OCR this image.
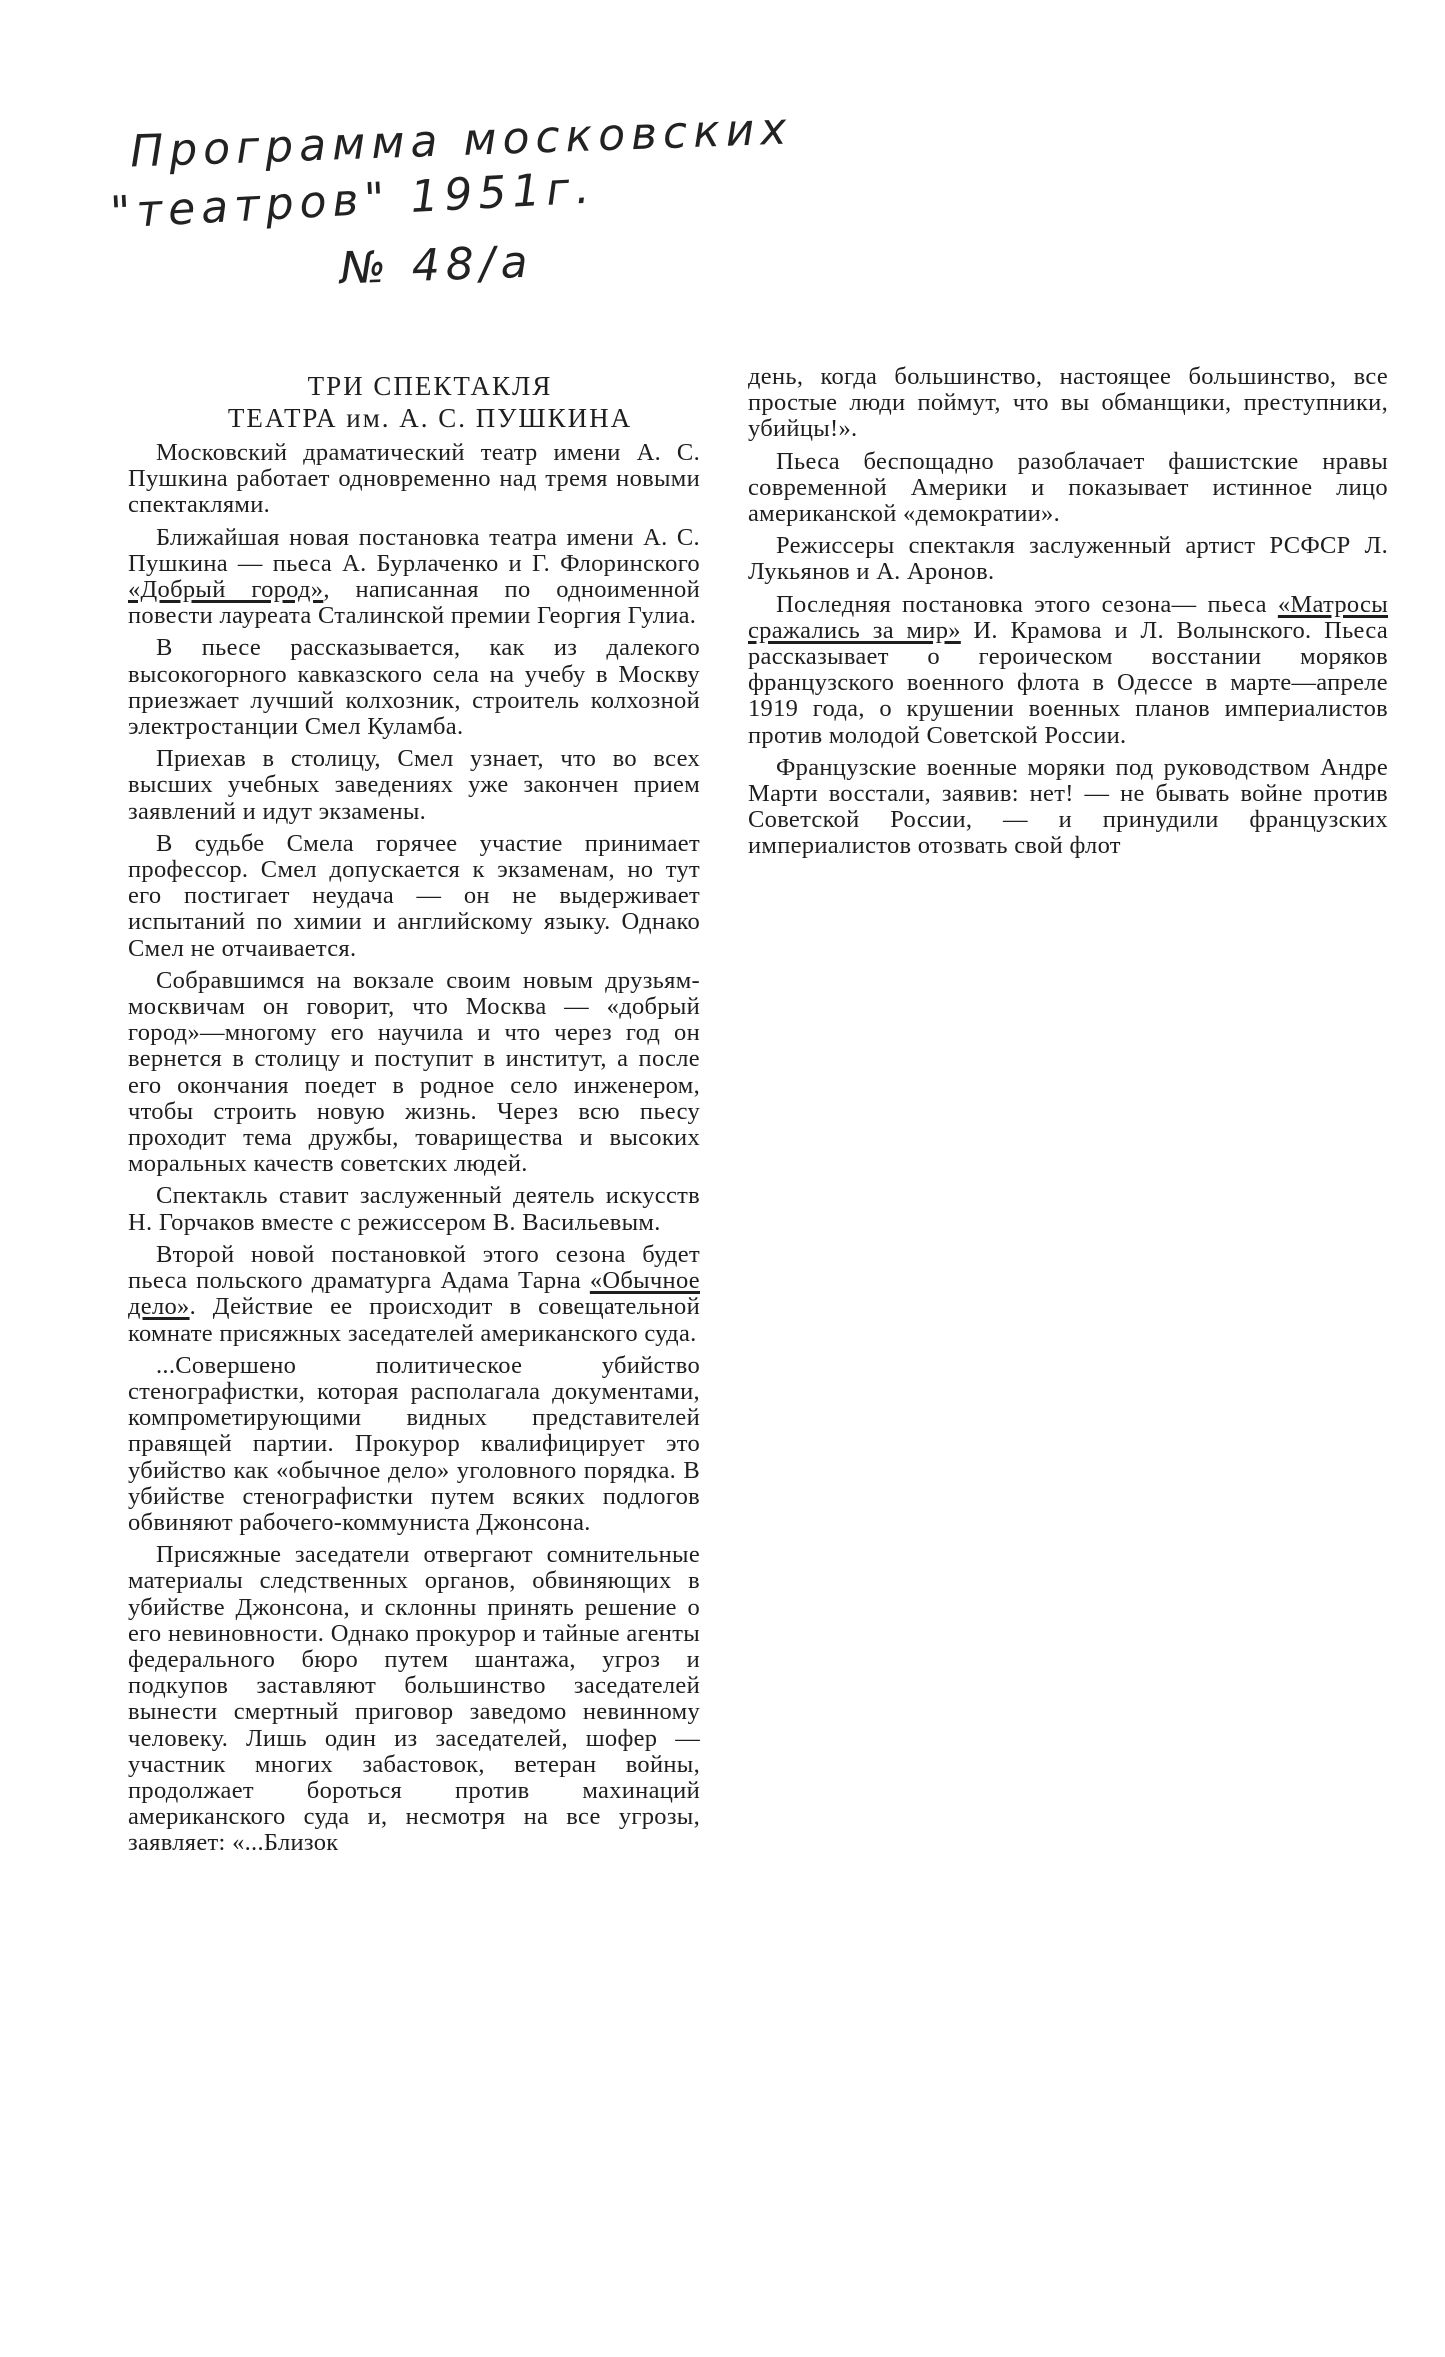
Программа московских
"театров" 1951г.
№ 48/а
ТРИ СПЕКТАКЛЯ
ТЕАТРА им. А. С. ПУШКИНА

Московский драматический театр имени А. С. Пушкина работает одновременно над тремя новыми спектаклями.

Ближайшая новая постановка театра имени А. С. Пушкина — пьеса А. Бурлаченко и Г. Флоринского «Добрый город», написанная по одноименной повести лауреата Сталинской премии Георгия Гулиа.

В пьесе рассказывается, как из далекого высокогорного кавказского села на учебу в Москву приезжает лучший колхозник, строитель колхозной электростанции Смел Куламба.

Приехав в столицу, Смел узнает, что во всех высших учебных заведениях уже закончен прием заявлений и идут экзамены.

В судьбе Смела горячее участие принимает профессор. Смел допускается к экзаменам, но тут его постигает неудача — он не выдерживает испытаний по химии и английскому языку. Однако Смел не отчаивается.

Собравшимся на вокзале своим новым друзьям-москвичам он говорит, что Москва — «добрый город»—многому его научила и что через год он вернется в столицу и поступит в институт, а после его окончания поедет в родное село инженером, чтобы строить новую жизнь. Через всю пьесу проходит тема дружбы, товарищества и высоких моральных качеств советских людей.

Спектакль ставит заслуженный деятель искусств Н. Горчаков вместе с режиссером В. Васильевым.

Второй новой постановкой этого сезона будет пьеса польского драматурга Адама Тарна «Обычное дело». Действие ее происходит в совещательной комнате присяжных заседателей американского суда.

...Совершено политическое убийство стенографистки, которая располагала документами, компрометирующими видных представителей правящей партии. Прокурор квалифицирует это убийство как «обычное дело» уголовного порядка. В убийстве стенографистки путем всяких подлогов обвиняют рабочего-коммуниста Джонсона.

Присяжные заседатели отвергают сомнительные материалы следственных органов, обвиняющих в убийстве Джонсона, и склонны принять решение о его невиновности. Однако прокурор и тайные агенты федерального бюро путем шантажа, угроз и подкупов заставляют большинство заседателей вынести смертный приговор заведомо невинному человеку. Лишь один из заседателей, шофер — участник многих забастовок, ветеран войны, продолжает бороться против махинаций американского суда и, несмотря на все угрозы, заявляет: «...Близок

день, когда большинство, настоящее большинство, все простые люди поймут, что вы обманщики, преступники, убийцы!».

Пьеса беспощадно разоблачает фашистские нравы современной Америки и показывает истинное лицо американской «демократии».

Режиссеры спектакля заслуженный артист РСФСР Л. Лукьянов и А. Аронов.

Последняя постановка этого сезона— пьеса «Матросы сражались за мир» И. Крамова и Л. Волынского. Пьеса рассказывает о героическом восстании моряков французского военного флота в Одессе в марте—апреле 1919 года, о крушении военных планов империалистов против молодой Советской России.

Французские военные моряки под руководством Андре Марти восстали, заявив: нет! — не бывать войне против Советской России, — и принудили французских империалистов отозвать свой флот
